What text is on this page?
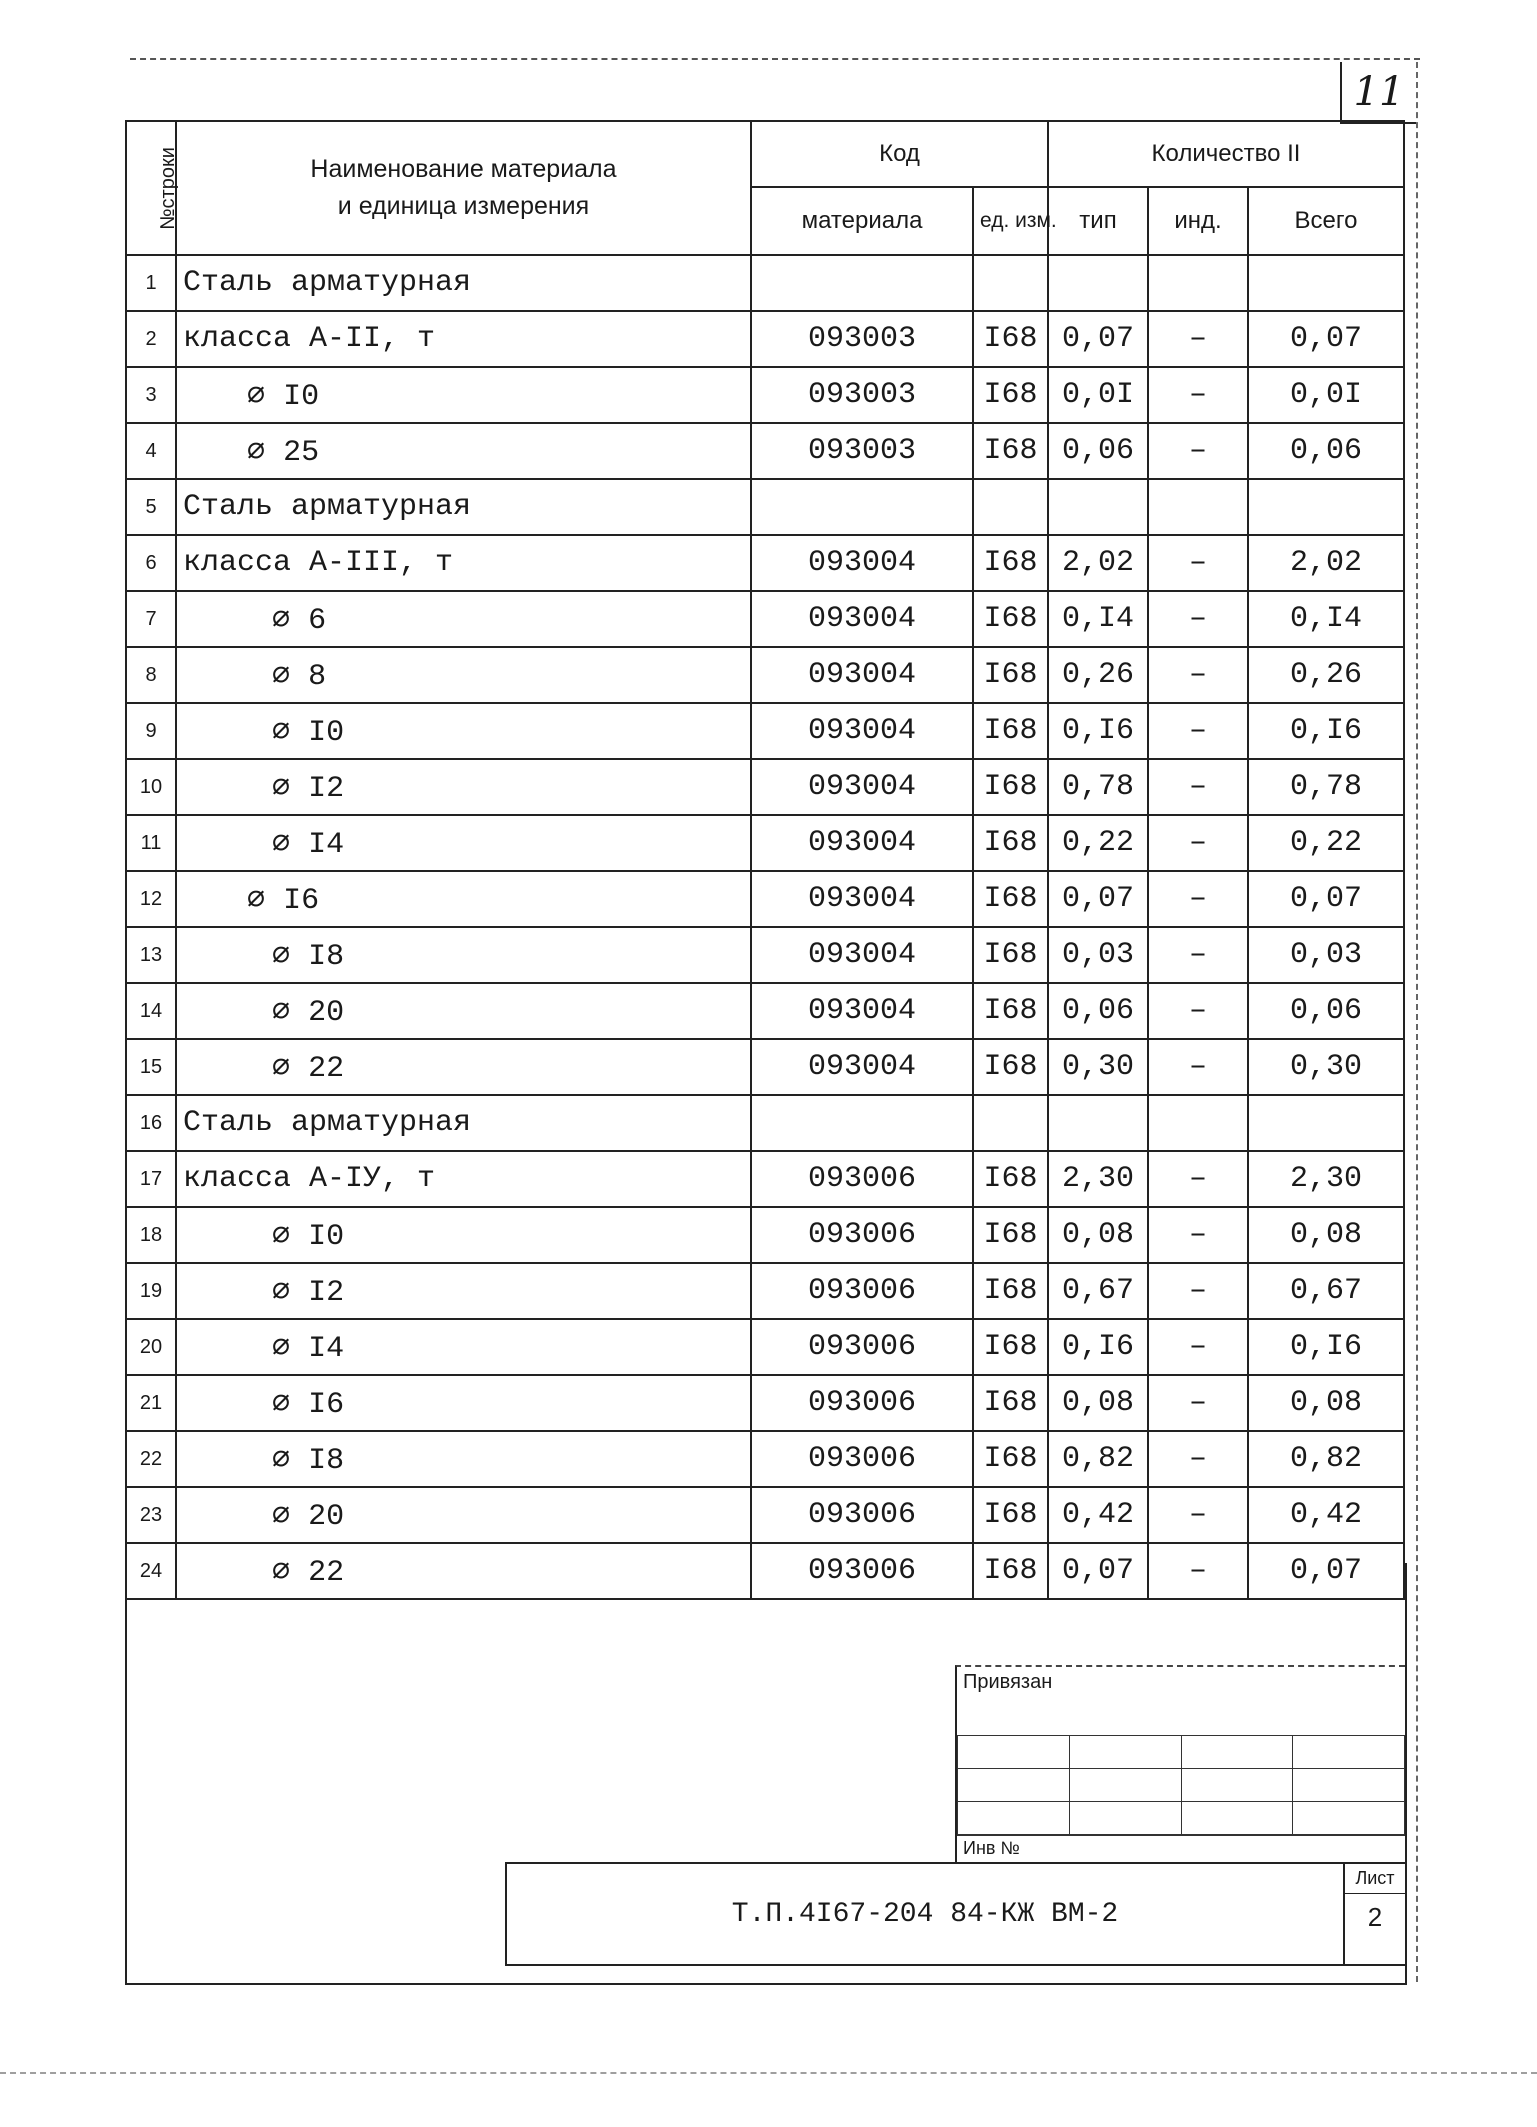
11
№строки	Наименование материала
и единица измерения	Код		Количество II		
		материала	ед. изм.	тип	инд.	Всего
1	Сталь арматурная					
2	класса А-II, т	093003	I68	0,07	–	0,07
3	∅ I0	093003	I68	0,0I	–	0,0I
4	∅ 25	093003	I68	0,06	–	0,06
5	Сталь арматурная					
6	класса А-III, т	093004	I68	2,02	–	2,02
7	∅ 6	093004	I68	0,I4	–	0,I4
8	∅ 8	093004	I68	0,26	–	0,26
9	∅ I0	093004	I68	0,I6	–	0,I6
10	∅ I2	093004	I68	0,78	–	0,78
11	∅ I4	093004	I68	0,22	–	0,22
12	∅ I6	093004	I68	0,07	–	0,07
13	∅ I8	093004	I68	0,03	–	0,03
14	∅ 20	093004	I68	0,06	–	0,06
15	∅ 22	093004	I68	0,30	–	0,30
16	Сталь арматурная					
17	класса А-IУ, т	093006	I68	2,30	–	2,30
18	∅ I0	093006	I68	0,08	–	0,08
19	∅ I2	093006	I68	0,67	–	0,67
20	∅ I4	093006	I68	0,I6	–	0,I6
21	∅ I6	093006	I68	0,08	–	0,08
22	∅ I8	093006	I68	0,82	–	0,82
23	∅ 20	093006	I68	0,42	–	0,42
24	∅ 22	093006	I68	0,07	–	0,07
Привязан

Инв №
Т.П.4I67-204 84-КЖ ВМ-2
Лист
2
